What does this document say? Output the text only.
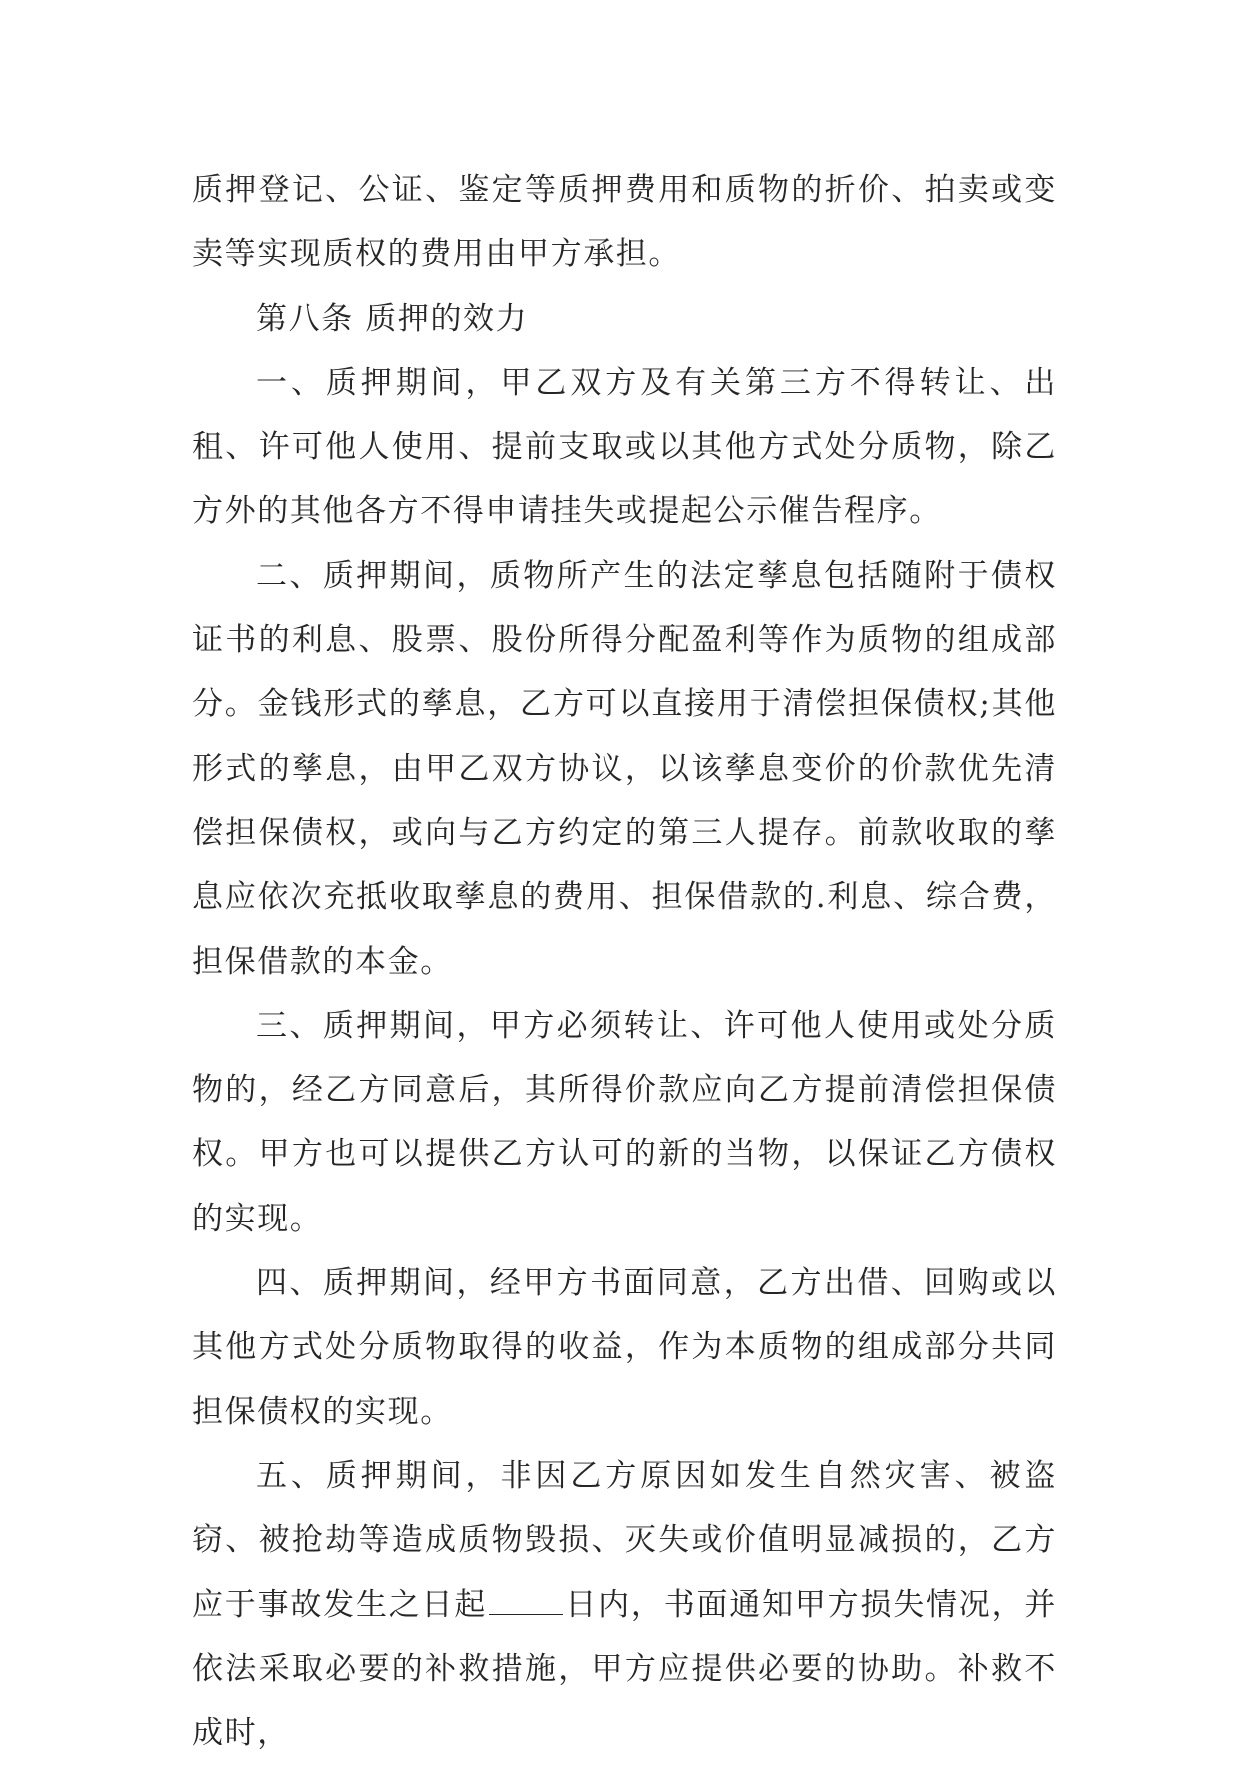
质押登记、公证、鉴定等质押费用和质物的折价、拍卖或变卖等实现质权的费用由甲方承担。

第八条 质押的效力

一、质押期间，甲乙双方及有关第三方不得转让、出租、许可他人使用、提前支取或以其他方式处分质物，除乙方外的其他各方不得申请挂失或提起公示催告程序。

二、质押期间，质物所产生的法定孳息包括随附于债权证书的利息、股票、股份所得分配盈利等作为质物的组成部分。金钱形式的孳息，乙方可以直接用于清偿担保债权;其他形式的孳息，由甲乙双方协议，以该孳息变价的价款优先清偿担保债权，或向与乙方约定的第三人提存。前款收取的孳息应依次充抵收取孳息的费用、担保借款的.利息、综合费，担保借款的本金。

三、质押期间，甲方必须转让、许可他人使用或处分质物的，经乙方同意后，其所得价款应向乙方提前清偿担保债权。甲方也可以提供乙方认可的新的当物，以保证乙方债权的实现。

四、质押期间，经甲方书面同意，乙方出借、回购或以其他方式处分质物取得的收益，作为本质物的组成部分共同担保债权的实现。

五、质押期间，非因乙方原因如发生自然灾害、被盗窃、被抢劫等造成质物毁损、灭失或价值明显减损的，乙方应于事故发生之日起	日内，书面通知甲方损失情况，并依法采取必要的补救措施，甲方应提供必要的协助。补救不成时，
